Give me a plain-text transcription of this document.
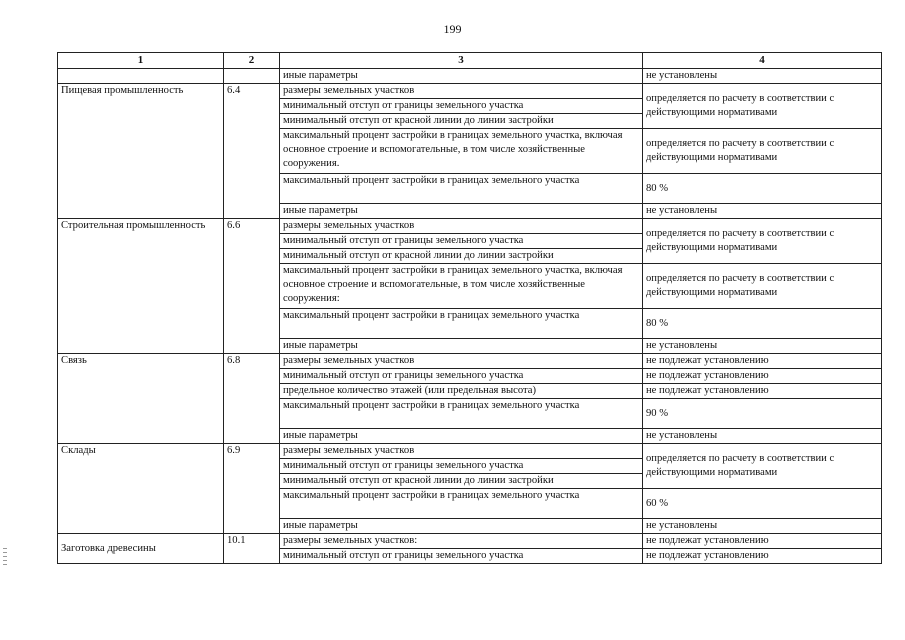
199
1	2	3	4
		иные параметры	не установлены
Пищевая промышленность	6.4	размеры земельных участков	определяется по расчету в соответствии с действующими нормативами
		минимальный отступ от границы земельного участка	
		минимальный отступ от красной линии до линии застройки	
		максимальный процент застройки в границах земельного участка, включая основное строение и вспомогательные, в том числе хозяйственные сооружения.	определяется по расчету в соответствии с действующими нормативами
		максимальный процент застройки в границах земельного участка	80 %
		иные параметры	не установлены
Строительная промышленность	6.6	размеры земельных участков	определяется по расчету в соответствии с действующими нормативами
		минимальный отступ от границы земельного участка	
		минимальный отступ от красной линии до линии застройки	
		максимальный процент застройки в границах земельного участка, включая основное строение и вспомогательные, в том числе хозяйственные сооружения:	определяется по расчету в соответствии с действующими нормативами
		максимальный процент застройки в границах земельного участка	80 %
		иные параметры	не установлены
Связь	6.8	размеры земельных участков	не подлежат установлению
		минимальный отступ от границы земельного участка	не подлежат установлению
		предельное количество этажей (или предельная высота)	не подлежат установлению
		максимальный процент застройки в границах земельного участка	90 %
		иные параметры	не установлены
Склады	6.9	размеры земельных участков	определяется по расчету в соответствии с действующими нормативами
		минимальный отступ от границы земельного участка	
		минимальный отступ от красной линии до линии застройки	
		максимальный процент застройки в границах земельного участка	60 %
		иные параметры	не установлены
Заготовка древесины	10.1	размеры земельных участков:	не подлежат установлению
		минимальный отступ от границы земельного участка	не подлежат установлению
